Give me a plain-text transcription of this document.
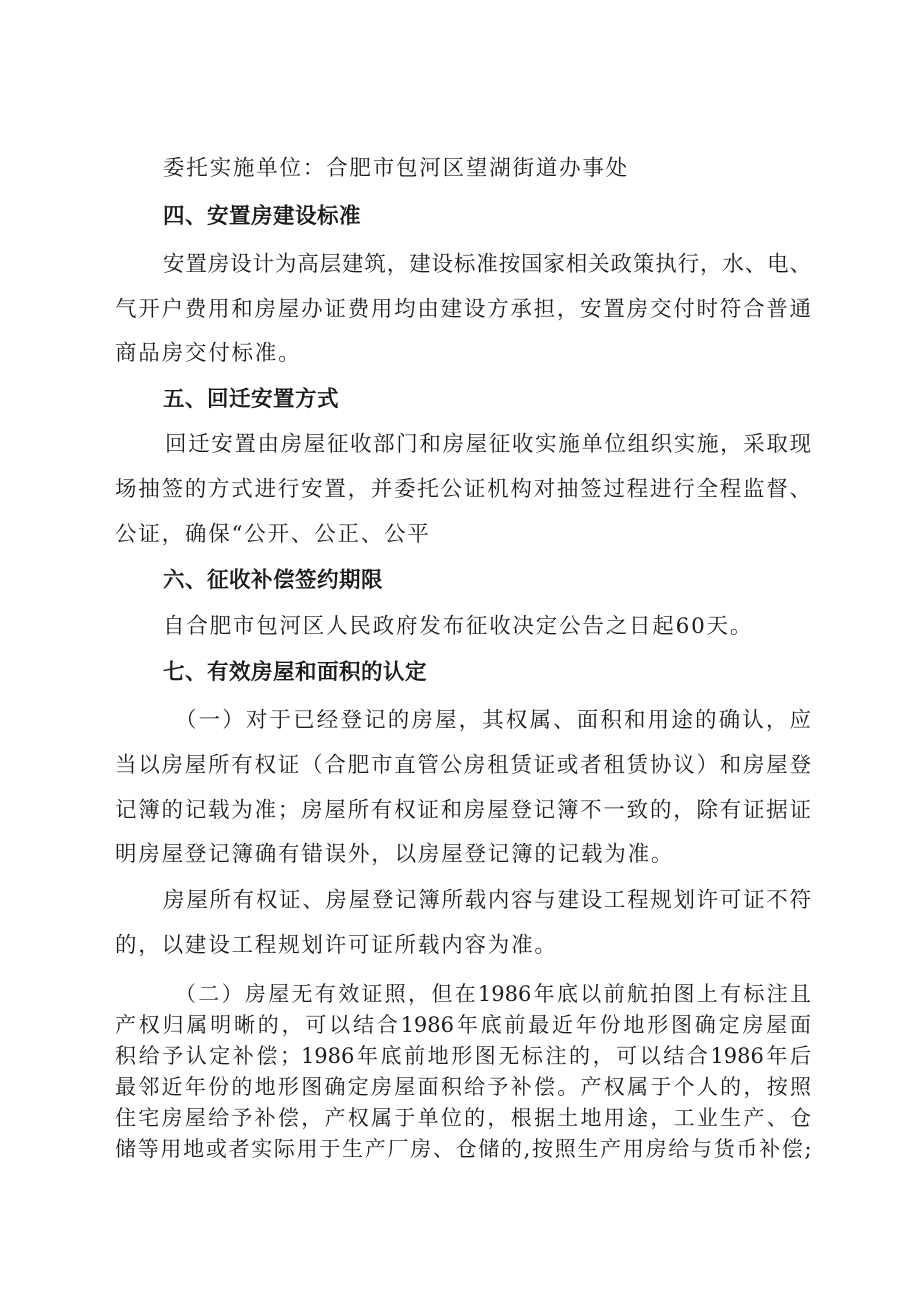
委托实施单位：合肥市包河区望湖街道办事处
四、安置房建设标准
安置房设计为高层建筑，建设标准按国家相关政策执行，水、电、
气开户费用和房屋办证费用均由建设方承担，安置房交付时符合普通
商品房交付标准。
五、回迁安置方式
回迁安置由房屋征收部门和房屋征收实施单位组织实施，采取现
场抽签的方式进行安置，并委托公证机构对抽签过程进行全程监督、
公证，确保“公开、公正、公平
六、征收补偿签约期限
自合肥市包河区人民政府发布征收决定公告之日起60天。
七、有效房屋和面积的认定
（一）对于已经登记的房屋，其权属、面积和用途的确认，应
当以房屋所有权证（合肥市直管公房租赁证或者租赁协议）和房屋登
记簿的记载为准；房屋所有权证和房屋登记簿不一致的，除有证据证
明房屋登记簿确有错误外，以房屋登记簿的记载为准。
房屋所有权证、房屋登记簿所载内容与建设工程规划许可证不符
的，以建设工程规划许可证所载内容为准。
（二）房屋无有效证照，但在1986年底以前航拍图上有标注且
产权归属明晰的，可以结合1986年底前最近年份地形图确定房屋面
积给予认定补偿；1986年底前地形图无标注的，可以结合1986年后
最邻近年份的地形图确定房屋面积给予补偿。产权属于个人的，按照
住宅房屋给予补偿，产权属于单位的，根据土地用途，工业生产、仓
储等用地或者实际用于生产厂房、仓储的,按照生产用房给与货币补偿;
